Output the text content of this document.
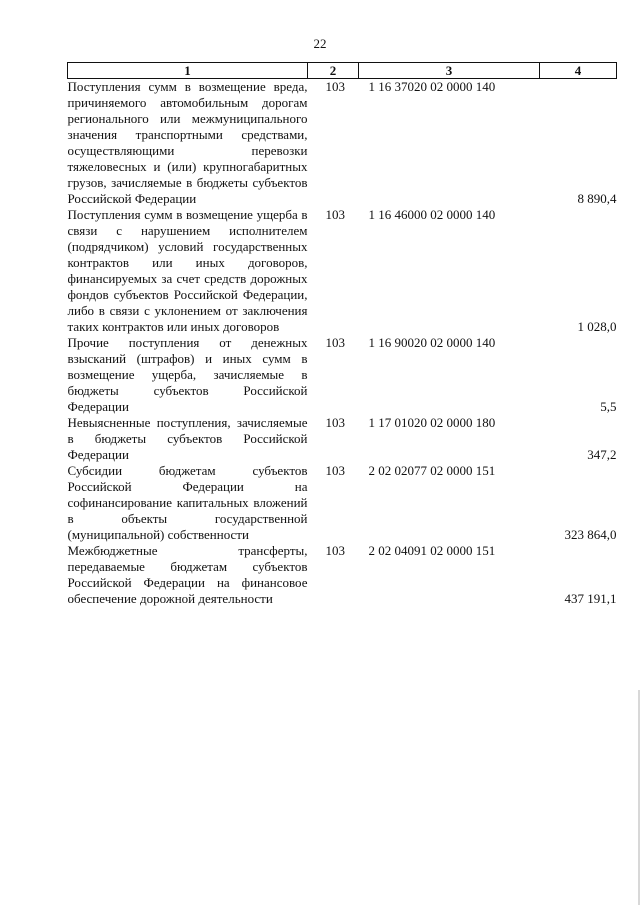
22
1	2	3	4
Поступления сумм в возмещение вреда, причиняемого автомобильным дорогам регионального или межмуниципального значения транспортными средствами, осуществляющими перевозки тяжеловесных и (или) крупногабаритных грузов, зачисляемые в бюджеты субъектов Российской Федерации	103	1 16 37020 02 0000 140	8 890,4
Поступления сумм в возмещение ущерба в связи с нарушением исполнителем (подрядчиком) условий государственных контрактов или иных договоров, финансируемых за счет средств дорожных фондов субъектов Российской Федерации, либо в связи с уклонением от заключения таких контрактов или иных договоров	103	1 16 46000 02 0000 140	1 028,0
Прочие поступления от денежных взысканий (штрафов) и иных сумм в возмещение ущерба, зачисляемые в бюджеты субъектов Российской Федерации	103	1 16 90020 02 0000 140	5,5
Невыясненные поступления, зачисляемые в бюджеты субъектов Российской Федерации	103	1 17 01020 02 0000 180	347,2
Субсидии бюджетам субъектов Российской Федерации на софинансирование капитальных вложений в объекты государственной (муниципальной) собственности	103	2 02 02077 02 0000 151	323 864,0
Межбюджетные трансферты, передаваемые бюджетам субъектов Российской Федерации на финансовое обеспечение дорожной деятельности	103	2 02 04091 02 0000 151	437 191,1
